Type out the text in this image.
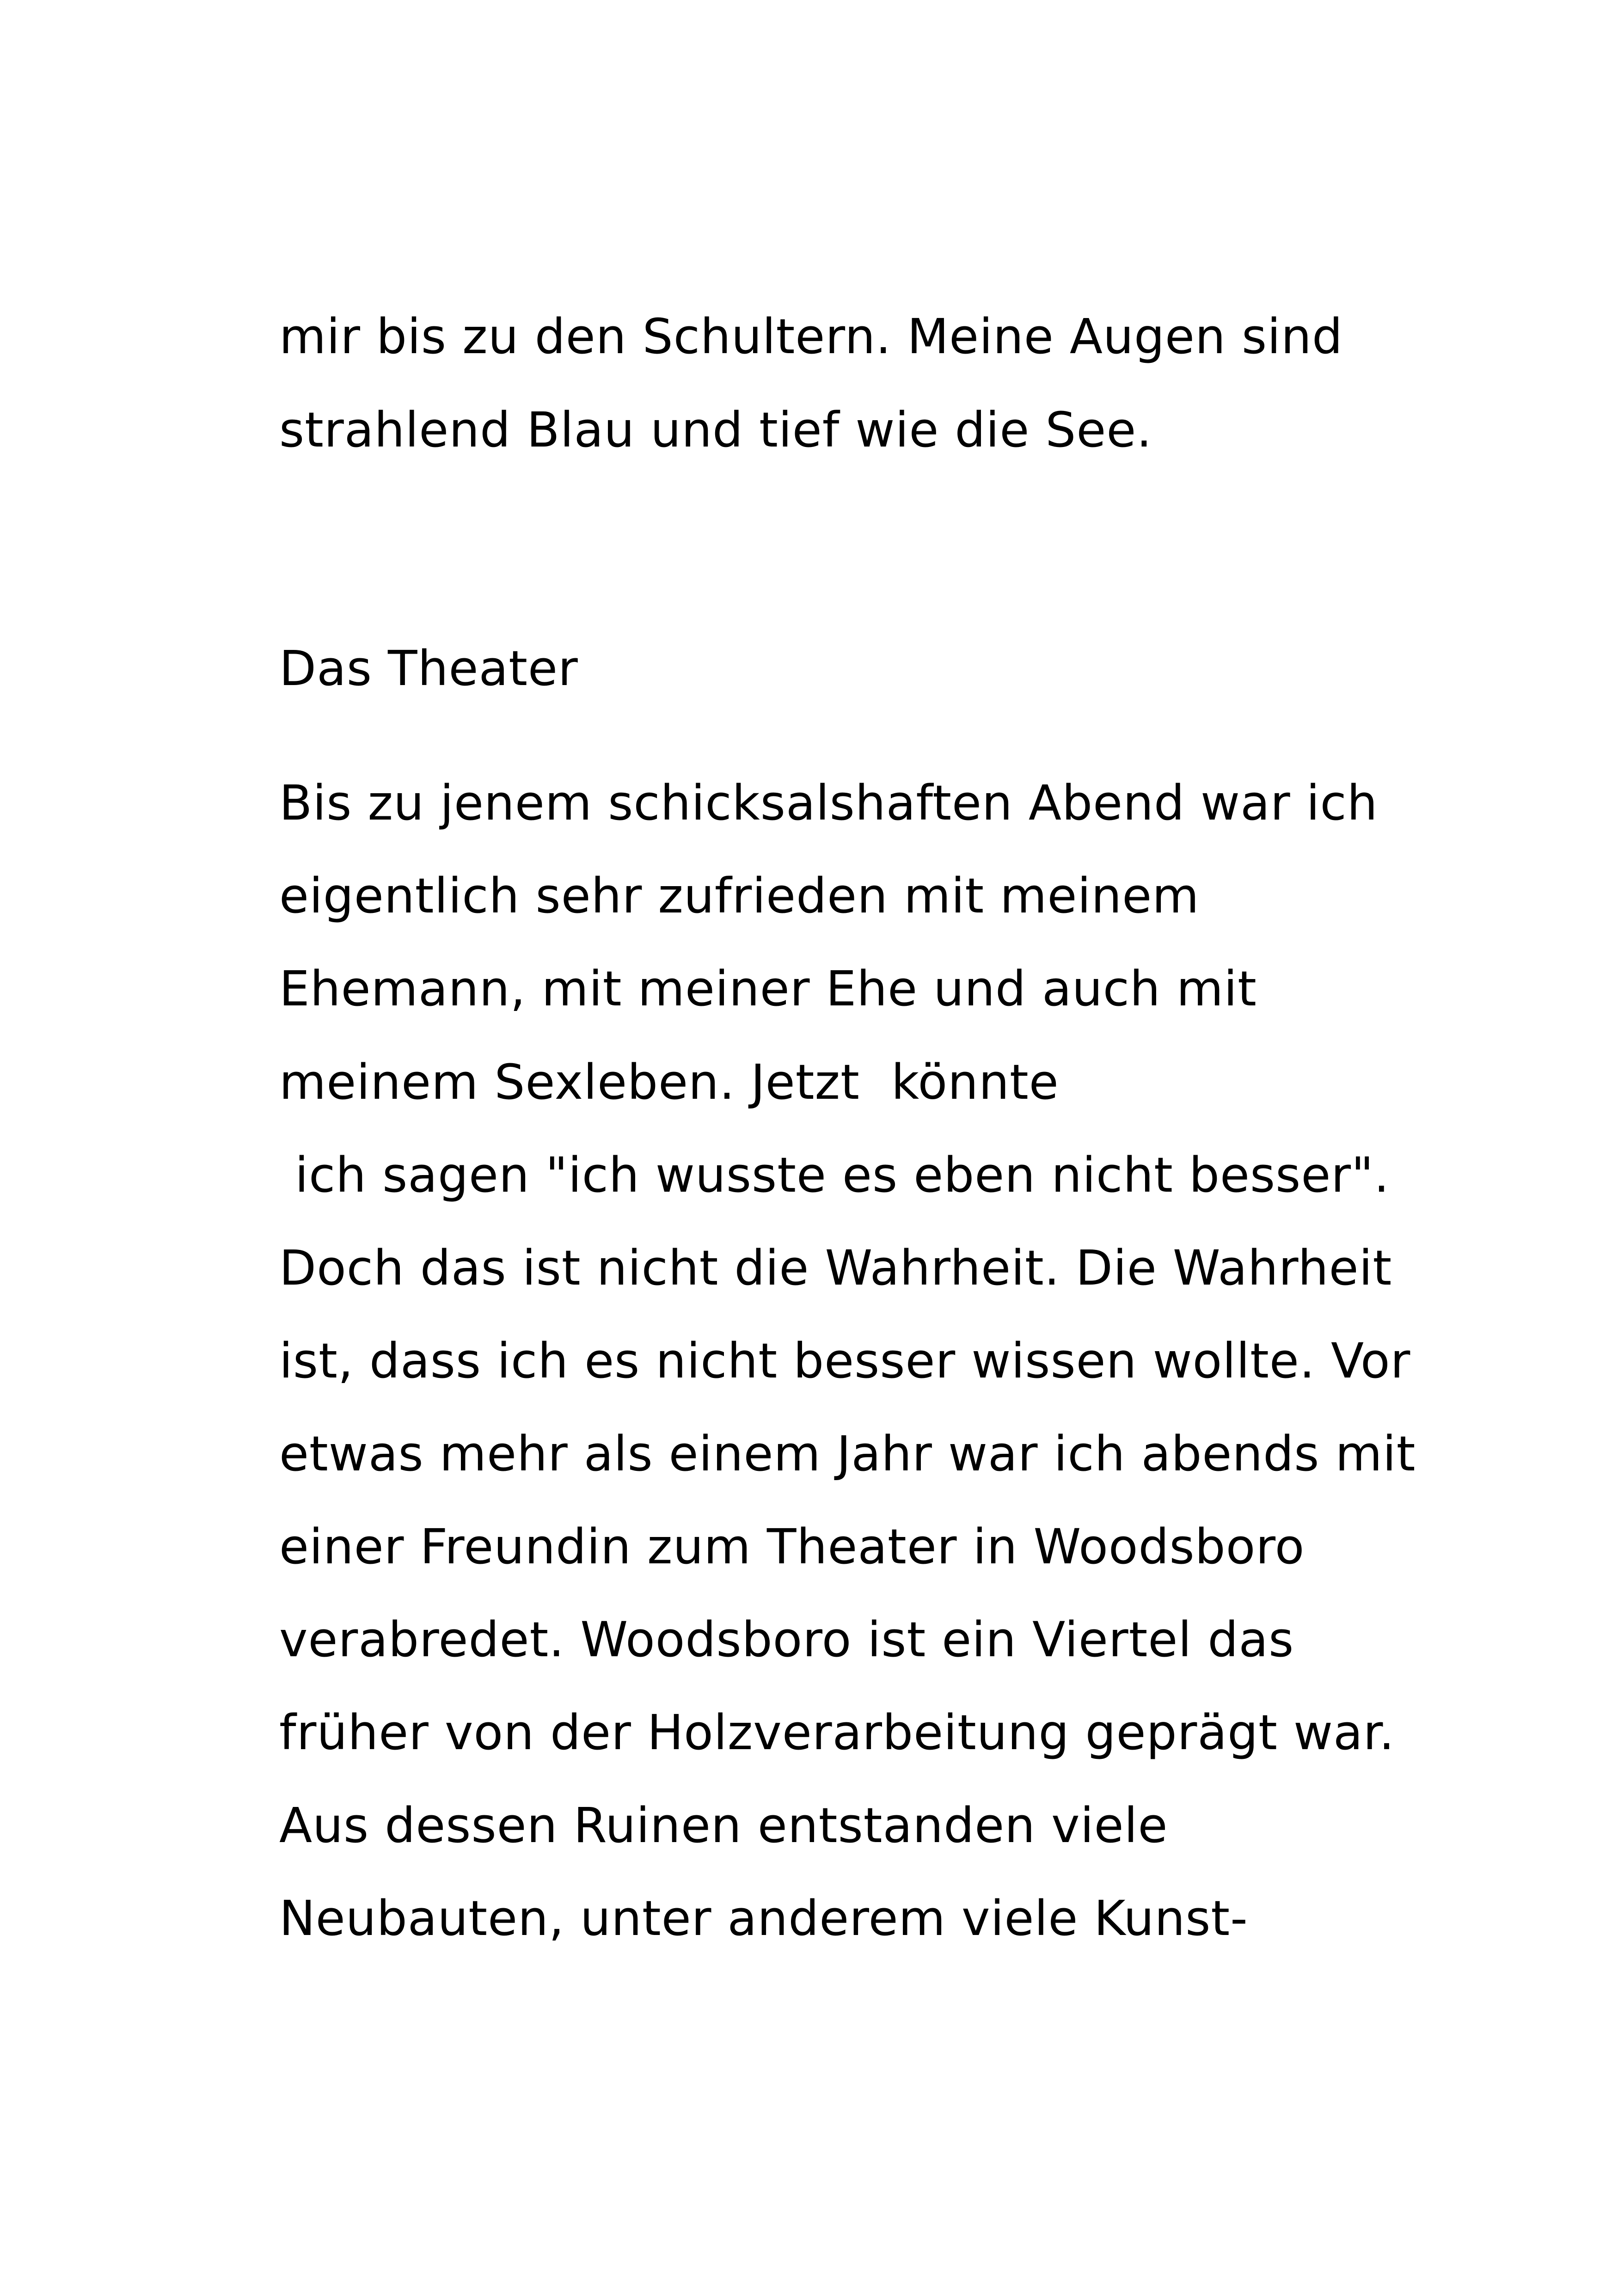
mir bis zu den Schultern. Meine Augen sind
strahlend Blau und tief wie die See.
Das Theater
Bis zu jenem schicksalshaften Abend war ich
eigentlich sehr zufrieden mit meinem
Ehemann, mit meiner Ehe und auch mit
meinem Sexleben. Jetzt  könnte
ich sagen "ich wusste es eben nicht besser".
Doch das ist nicht die Wahrheit. Die Wahrheit
ist, dass ich es nicht besser wissen wollte. Vor
etwas mehr als einem Jahr war ich abends mit
einer Freundin zum Theater in Woodsboro
verabredet. Woodsboro ist ein Viertel das
früher von der Holzverarbeitung geprägt war.
Aus dessen Ruinen entstanden viele
Neubauten, unter anderem viele Kunst-
